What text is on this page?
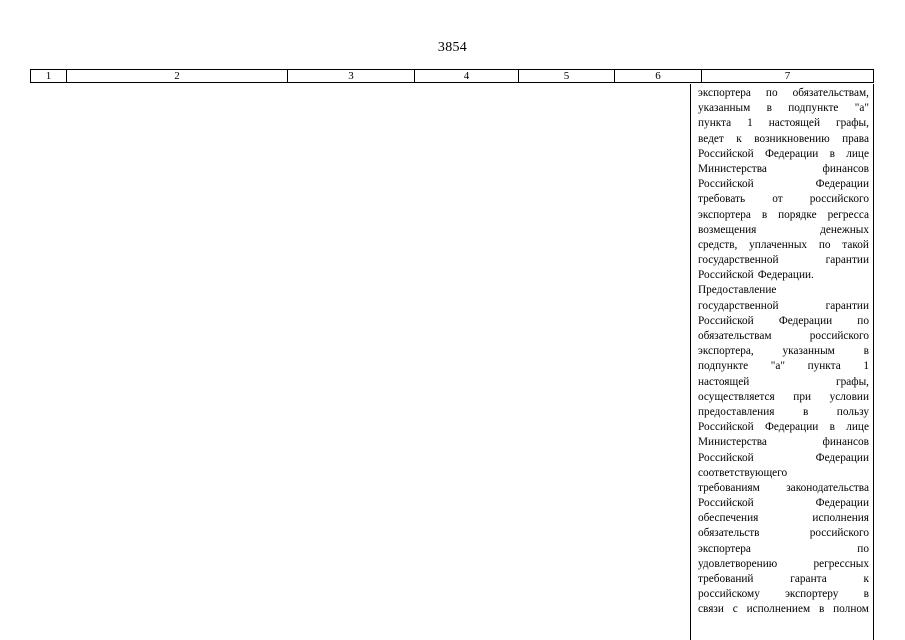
3854
1	2	3	4	5	6	7
экспортера по обязательствам,
указанным в подпункте "а"
пункта 1 настоящей графы,
ведет к возникновению права
Российской Федерации в лице
Министерства	финансов
Российской	Федерации
требовать от российского
экспортера в порядке регресса
возмещения	денежных
средств, уплаченных по такой
государственной	гарантии
Российской Федерации.
Предоставление
государственной	гарантии
Российской Федерации по
обязательствам	российского
экспортера,	указанным	в
подпункте "а" пункта 1
настоящей	графы,
осуществляется при условии
предоставления	в	пользу
Российской Федерации в лице
Министерства	финансов
Российской	Федерации
соответствующего
требованиям законодательства
Российской	Федерации
обеспечения	исполнения
обязательств	российского
экспортера	по
удовлетворению	регрессных
требований	гаранта	к
российскому экспортеру в
связи с исполнением в полном
